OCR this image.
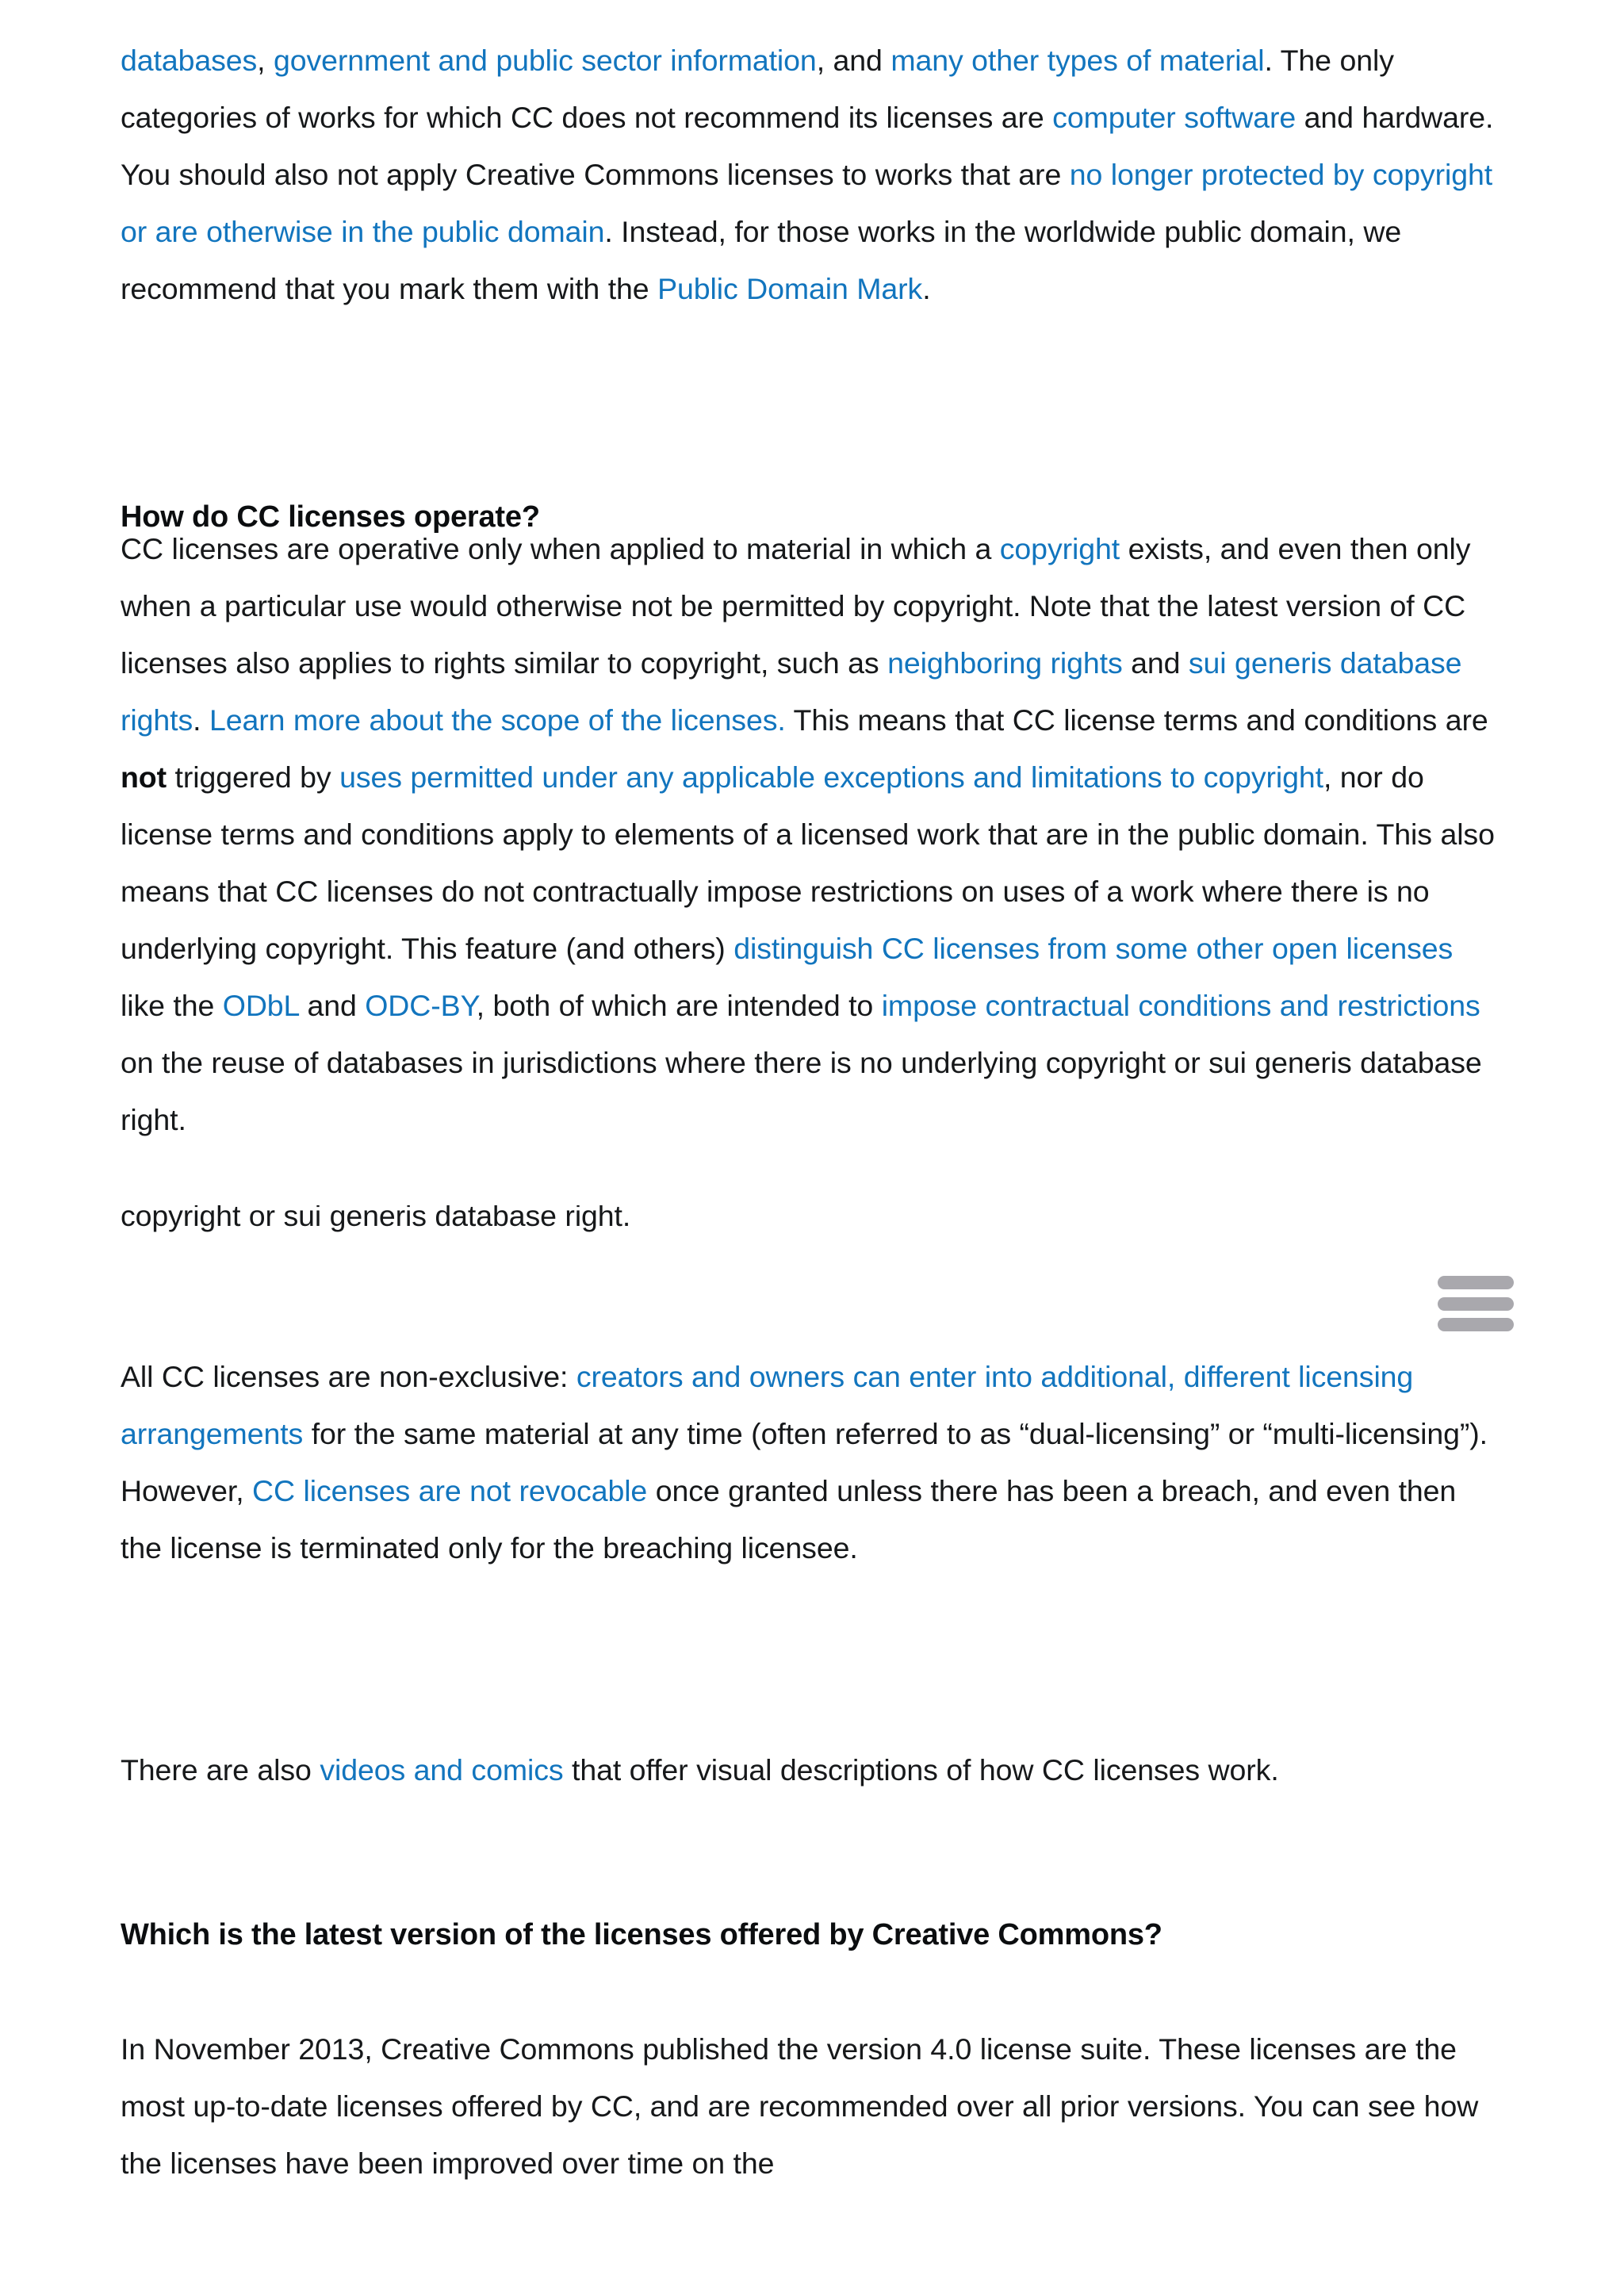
databases, government and public sector information, and many other types of material. The only categories of works for which CC does not recommend its licenses are computer software and hardware. You should also not apply Creative Commons licenses to works that are no longer protected by copyright or are otherwise in the public domain. Instead, for those works in the worldwide public domain, we recommend that you mark them with the Public Domain Mark.

How do CC licenses operate?

CC licenses are operative only when applied to material in which a copyright exists, and even then only when a particular use would otherwise not be permitted by copyright. Note that the latest version of CC licenses also applies to rights similar to copyright, such as neighboring rights and sui generis database rights. Learn more about the scope of the licenses. This means that CC license terms and conditions are not triggered by uses permitted under any applicable exceptions and limitations to copyright, nor do license terms and conditions apply to elements of a licensed work that are in the public domain. This also means that CC licenses do not contractually impose restrictions on uses of a work where there is no underlying copyright. This feature (and others) distinguish CC licenses from some other open licenses like the ODbL and ODC-BY, both of which are intended to impose contractual conditions and restrictions on the reuse of databases in jurisdictions where there is no underlying copyright or sui generis database right.

copyright or sui generis database right.

All CC licenses are non-exclusive: creators and owners can enter into additional, different licensing arrangements for the same material at any time (often referred to as “dual-licensing” or “multi-licensing”). However, CC licenses are not revocable once granted unless there has been a breach, and even then the license is terminated only for the breaching licensee.

There are also videos and comics that offer visual descriptions of how CC licenses work.

Which is the latest version of the licenses offered by Creative Commons?

In November 2013, Creative Commons published the version 4.0 license suite. These licenses are the most up-to-date licenses offered by CC, and are recommended over all prior versions. You can see how the licenses have been improved over time on the
